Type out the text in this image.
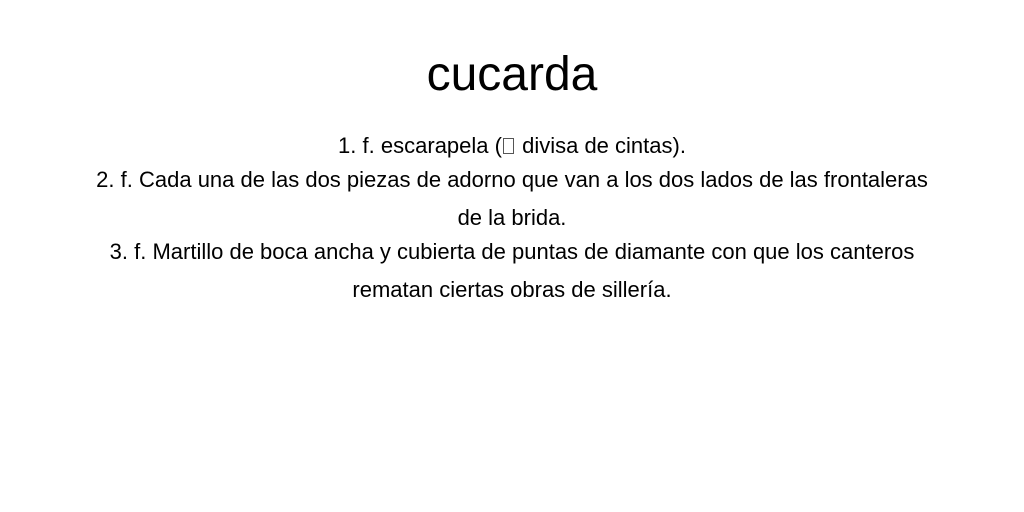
cucarda
1. f. escarapela ( divisa de cintas).
2. f. Cada una de las dos piezas de adorno que van a los dos lados de las frontaleras de la brida.
3. f. Martillo de boca ancha y cubierta de puntas de diamante con que los canteros rematan ciertas obras de sillería.
